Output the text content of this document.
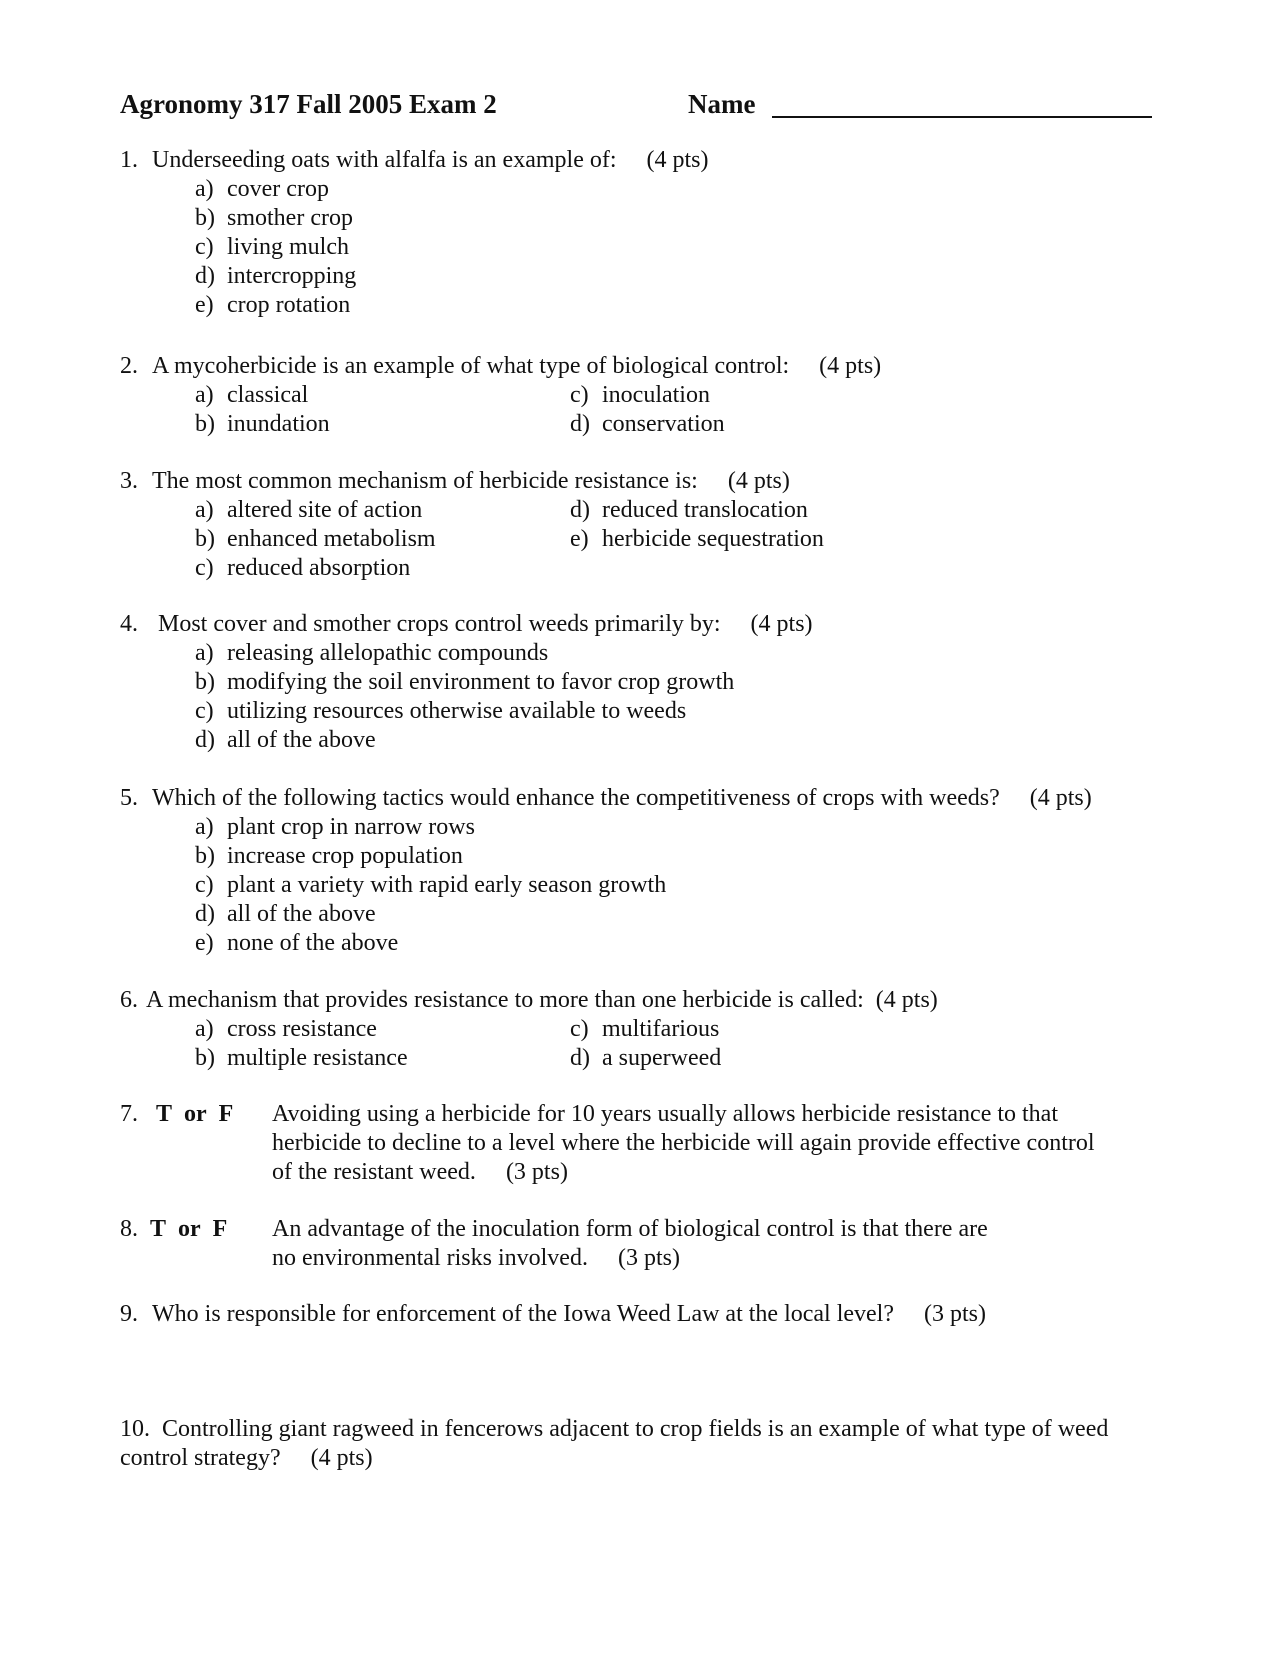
Agronomy 317 Fall 2005 Exam 2	Name
1. Underseeding oats with alfalfa is an example of: (4 pts)
a) cover crop
b) smother crop
c) living mulch
d) intercropping
e) crop rotation
2. A mycoherbicide is an example of what type of biological control: (4 pts)
a) classical
b) inundation
c) inoculation
d) conservation
3. The most common mechanism of herbicide resistance is: (4 pts)
a) altered site of action
b) enhanced metabolism
c) reduced absorption
d) reduced translocation
e) herbicide sequestration
4. Most cover and smother crops control weeds primarily by: (4 pts)
a) releasing allelopathic compounds
b) modifying the soil environment to favor crop growth
c) utilizing resources otherwise available to weeds
d) all of the above
5. Which of the following tactics would enhance the competitiveness of crops with weeds? (4 pts)
a) plant crop in narrow rows
b) increase crop population
c) plant a variety with rapid early season growth
d) all of the above
e) none of the above
6. A mechanism that provides resistance to more than one herbicide is called: (4 pts)
a) cross resistance
b) multiple resistance
c) multifarious
d) a superweed
7. T or F Avoiding using a herbicide for 10 years usually allows herbicide resistance to that
herbicide to decline to a level where the herbicide will again provide effective control
of the resistant weed. (3 pts)
8. T or F An advantage of the inoculation form of biological control is that there are
no environmental risks involved. (3 pts)
9. Who is responsible for enforcement of the Iowa Weed Law at the local level? (3 pts)
10. Controlling giant ragweed in fencerows adjacent to crop fields is an example of what type of weed
control strategy? (4 pts)
